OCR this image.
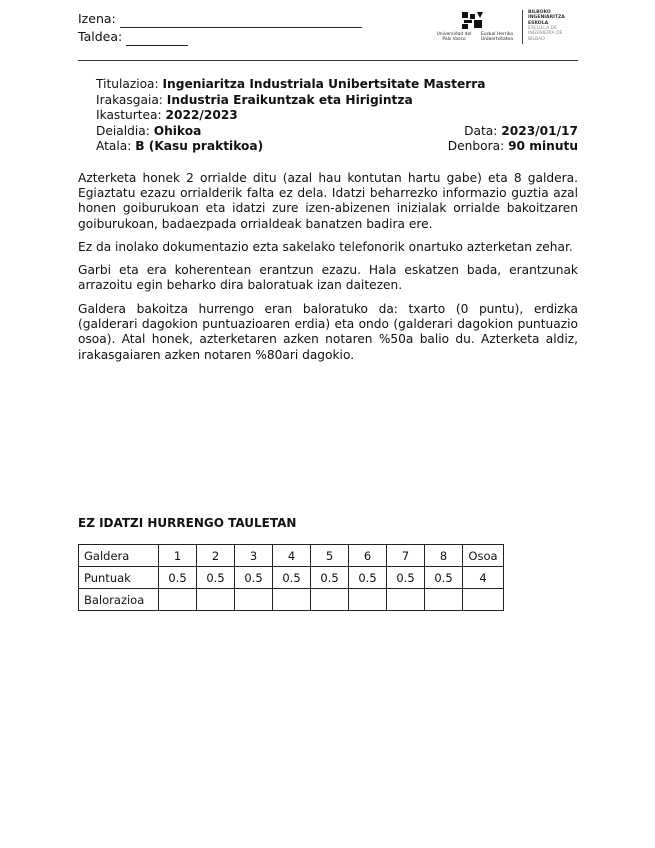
Izena:
Taldea:	Universidad del País Vasco
Euskal Herriko Unibertsitatea
BILBOKO INGENIARITZA ESKOLA
ESCUELA DE INGENIERÍA DE BILBAO
Titulazioa: Ingeniaritza Industriala Unibertsitate Masterra
Irakasgaia: Industria Eraikuntzak eta Hirigintza
Ikasturtea: 2022/2023
Deialdia: Ohikoa	Data: 2023/01/17
Atala: B (Kasu praktikoa)	Denbora: 90 minutu

Azterketa honek 2 orrialde ditu (azal hau kontutan hartu gabe) eta 8 galdera. Egiaztatu ezazu orrialderik falta ez dela. Idatzi beharrezko informazio guztia azal honen goiburukoan eta idatzi zure izen-abizenen inizialak orrialde bakoitzaren goiburukoan, badaezpada orrialdeak banatzen badira ere.

Ez da inolako dokumentazio ezta sakelako telefonorik onartuko azterketan zehar.

Garbi eta era koherentean erantzun ezazu. Hala eskatzen bada, erantzunak arrazoitu egin beharko dira baloratuak izan daitezen.

Galdera bakoitza hurrengo eran baloratuko da: txarto (0 puntu), erdizka (galderari dagokion puntuazioaren erdia) eta ondo (galderari dagokion puntuazio osoa). Atal honek, azterketaren azken notaren %50a balio du. Azterketa aldiz, irakasgaiaren azken notaren %80ari dagokio.

EZ IDATZI HURRENGO TAULETAN
Galdera	1	2	3	4	5	6	7	8	Osoa
Puntuak	0.5	0.5	0.5	0.5	0.5	0.5	0.5	0.5	4
Balorazioa									
